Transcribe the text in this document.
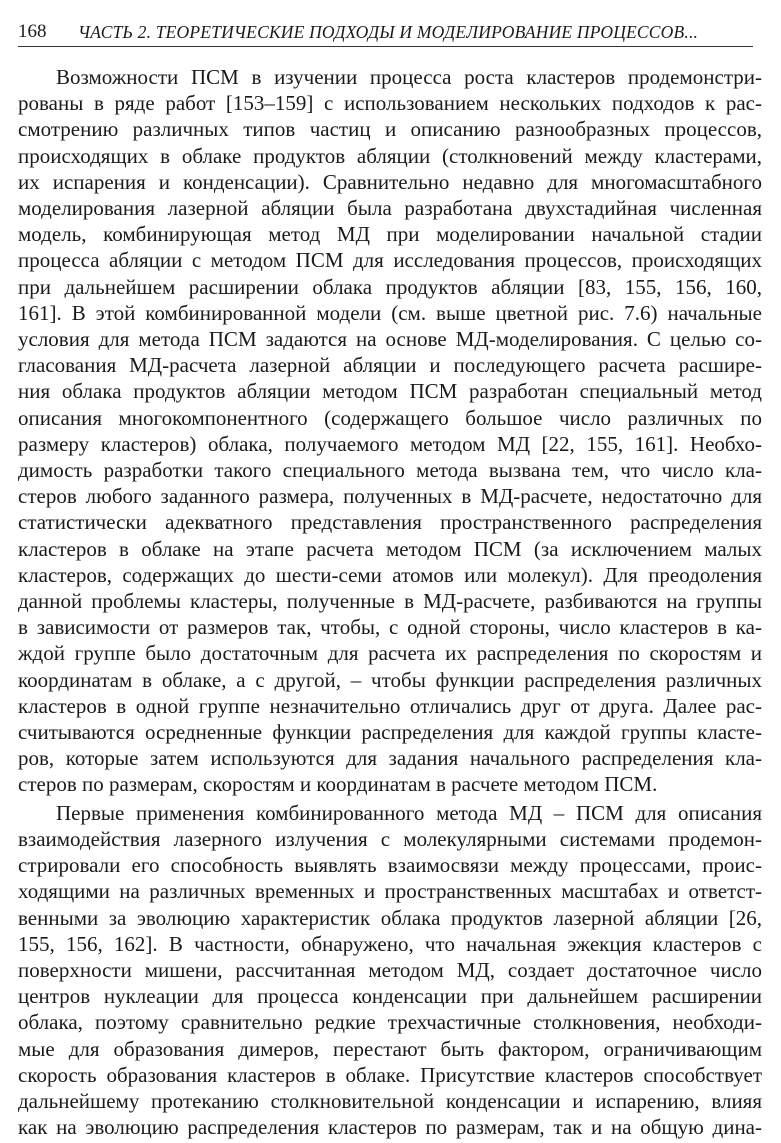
168 ЧАСТЬ 2. ТЕОРЕТИЧЕСКИЕ ПОДХОДЫ И МОДЕЛИРОВАНИЕ ПРОЦЕССОВ...

Возможности ПСМ в изучении процесса роста кластеров продемонстри-
рованы в ряде работ [153–159] с использованием нескольких подходов к рас-
смотрению различных типов частиц и описанию разнообразных процессов,
происходящих в облаке продуктов абляции (столкновений между кластерами,
их испарения и конденсации). Сравнительно недавно для многомасштабного
моделирования лазерной абляции была разработана двухстадийная численная
модель, комбинирующая метод МД при моделировании начальной стадии
процесса абляции с методом ПСМ для исследования процессов, происходящих
при дальнейшем расширении облака продуктов абляции [83, 155, 156, 160,
161]. В этой комбинированной модели (см. выше цветной рис. 7.6) начальные
условия для метода ПСМ задаются на основе МД-моделирования. С целью со-
гласования МД-расчета лазерной абляции и последующего расчета расшире-
ния облака продуктов абляции методом ПСМ разработан специальный метод
описания многокомпонентного (содержащего большое число различных по
размеру кластеров) облака, получаемого методом МД [22, 155, 161]. Необхо-
димость разработки такого специального метода вызвана тем, что число кла-
стеров любого заданного размера, полученных в МД-расчете, недостаточно для
статистически адекватного представления пространственного распределения
кластеров в облаке на этапе расчета методом ПСМ (за исключением малых
кластеров, содержащих до шести-семи атомов или молекул). Для преодоления
данной проблемы кластеры, полученные в МД-расчете, разбиваются на группы
в зависимости от размеров так, чтобы, с одной стороны, число кластеров в ка-
ждой группе было достаточным для расчета их распределения по скоростям и
координатам в облаке, а с другой, – чтобы функции распределения различных
кластеров в одной группе незначительно отличались друг от друга. Далее рас-
считываются осредненные функции распределения для каждой группы класте-
ров, которые затем используются для задания начального распределения кла-
стеров по размерам, скоростям и координатам в расчете методом ПСМ.

Первые применения комбинированного метода МД – ПСМ для описания
взаимодействия лазерного излучения с молекулярными системами продемон-
стрировали его способность выявлять взаимосвязи между процессами, проис-
ходящими на различных временных и пространственных масштабах и ответст-
венными за эволюцию характеристик облака продуктов лазерной абляции [26,
155, 156, 162]. В частности, обнаружено, что начальная эжекция кластеров с
поверхности мишени, рассчитанная методом МД, создает достаточное число
центров нуклеации для процесса конденсации при дальнейшем расширении
облака, поэтому сравнительно редкие трехчастичные столкновения, необходи-
мые для образования димеров, перестают быть фактором, ограничивающим
скорость образования кластеров в облаке. Присутствие кластеров способствует
дальнейшему протеканию столкновительной конденсации и испарению, влияя
как на эволюцию распределения кластеров по размерам, так и на общую дина-
